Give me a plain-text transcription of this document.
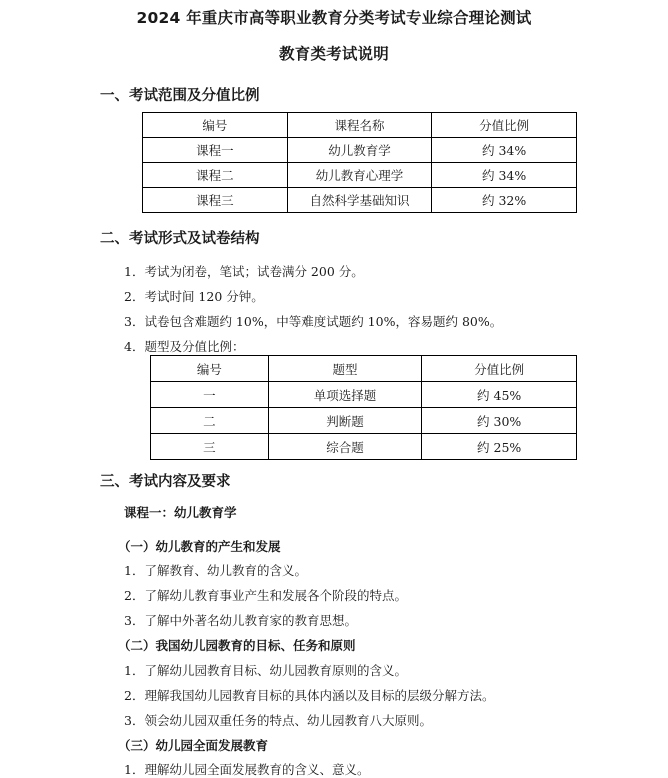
2024 年重庆市高等职业教育分类考试专业综合理论测试
教育类考试说明
一、考试范围及分值比例
编号	课程名称	分值比例
课程一	幼儿教育学	约 34%
课程二	幼儿教育心理学	约 34%
课程三	自然科学基础知识	约 32%
二、考试形式及试卷结构
1．考试为闭卷，笔试；试卷满分 200 分。
2．考试时间 120 分钟。
3．试卷包含难题约 10%，中等难度试题约 10%，容易题约 80%。
4．题型及分值比例：
编号	题型	分值比例
一	单项选择题	约 45%
二	判断题	约 30%
三	综合题	约 25%
三、考试内容及要求
课程一：幼儿教育学
（一）幼儿教育的产生和发展
1．了解教育、幼儿教育的含义。
2．了解幼儿教育事业产生和发展各个阶段的特点。
3．了解中外著名幼儿教育家的教育思想。
（二）我国幼儿园教育的目标、任务和原则
1．了解幼儿园教育目标、幼儿园教育原则的含义。
2．理解我国幼儿园教育目标的具体内涵以及目标的层级分解方法。
3．领会幼儿园双重任务的特点、幼儿园教育八大原则。
（三）幼儿园全面发展教育
1．理解幼儿园全面发展教育的含义、意义。
